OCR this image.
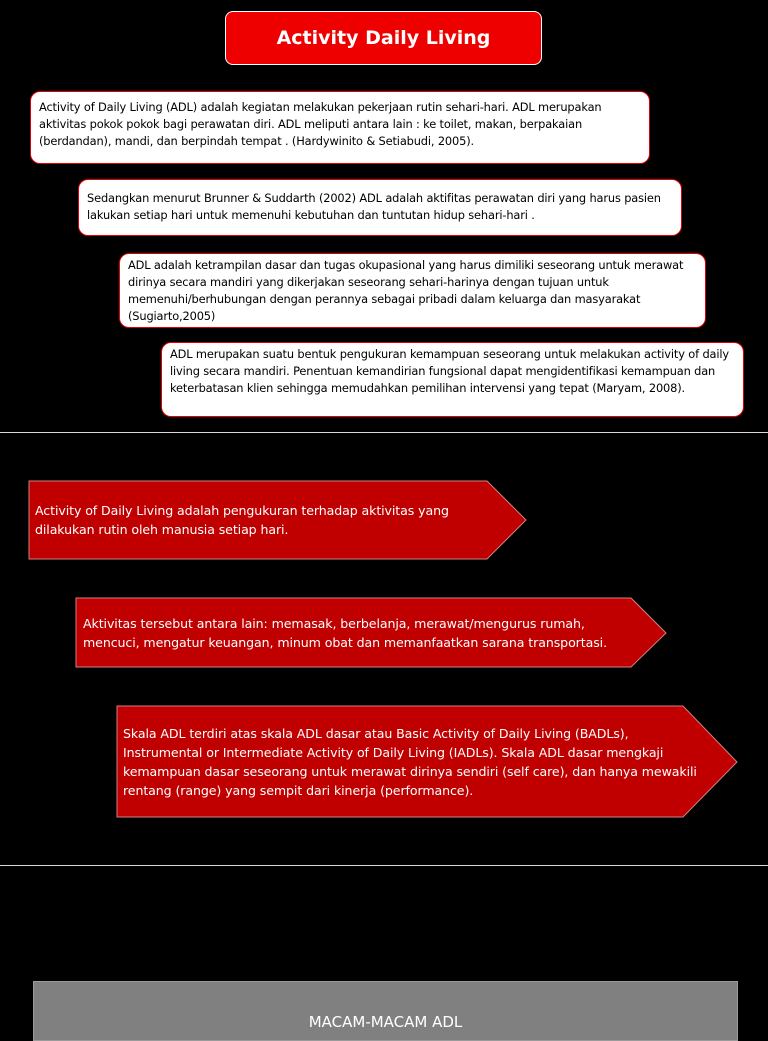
Activity Daily Living
Activity of Daily Living (ADL) adalah kegiatan melakukan pekerjaan rutin sehari-hari. ADL merupakan aktivitas pokok pokok bagi perawatan diri. ADL meliputi antara lain : ke toilet, makan, berpakaian (berdandan), mandi, dan berpindah tempat . (Hardywinito & Setiabudi, 2005).
Sedangkan menurut Brunner & Suddarth (2002) ADL adalah aktifitas perawatan diri yang harus pasien lakukan setiap hari untuk memenuhi kebutuhan dan tuntutan hidup sehari-hari .
ADL adalah ketrampilan dasar dan tugas okupasional yang harus dimiliki seseorang untuk merawat dirinya secara mandiri yang dikerjakan seseorang sehari-harinya dengan tujuan untuk memenuhi/berhubungan dengan perannya sebagai pribadi dalam keluarga dan masyarakat (Sugiarto,2005)
ADL merupakan suatu bentuk pengukuran kemampuan seseorang untuk melakukan activity of daily living secara mandiri. Penentuan kemandirian fungsional dapat mengidentifikasi kemampuan dan keterbatasan klien sehingga memudahkan pemilihan intervensi yang tepat (Maryam, 2008).
Activity of Daily Living adalah pengukuran terhadap aktivitas yang dilakukan rutin oleh manusia setiap hari.
Aktivitas tersebut antara lain: memasak, berbelanja, merawat/mengurus rumah, mencuci, mengatur keuangan, minum obat dan memanfaatkan sarana transportasi.
Skala ADL terdiri atas skala ADL dasar atau Basic Activity of Daily Living (BADLs), Instrumental or Intermediate Activity of Daily Living (IADLs). Skala ADL dasar mengkaji kemampuan dasar seseorang untuk merawat dirinya sendiri (self care), dan hanya mewakili rentang (range) yang sempit dari kinerja (performance).
MACAM-MACAM ADL
